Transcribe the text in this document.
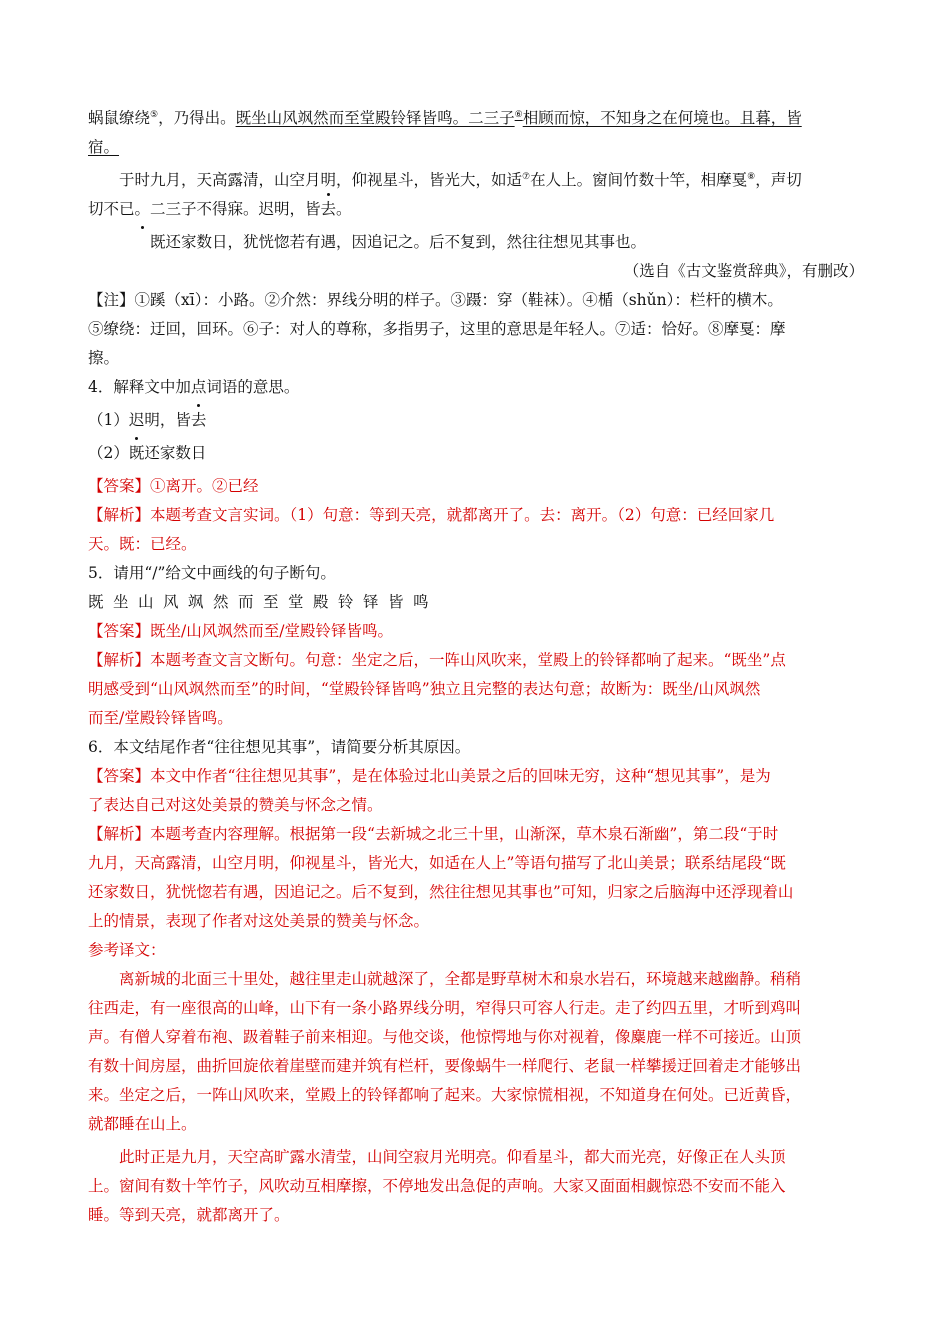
蜗鼠缭绕⑤，乃得出。既坐山风飒然而至堂殿铃铎皆鸣。二三子⑥相顾而惊，不知身之在何境也。且暮，皆
宿。
于时九月，天高露清，山空月明，仰视星斗，皆光大，如适⑦在人上。窗间竹数十竿，相摩戛⑧，声切
切不已。二三子不得寐。迟明，皆去。
既还家数日，犹恍惚若有遇，因追记之。后不复到，然往往想见其事也。
（选自《古文鉴赏辞典》，有删改）
【注】①蹊（xī）：小路。②介然：界线分明的样子。③蹑：穿（鞋袜）。④楯（shǔn）：栏杆的横木。
⑤缭绕：迂回，回环。⑥子：对人的尊称，多指男子，这里的意思是年轻人。⑦适：恰好。⑧摩戛：摩
擦。
4．解释文中加点词语的意思。
（1）迟明，皆去
（2）既还家数日
【答案】①离开。②已经
【解析】本题考查文言实词。（1）句意：等到天亮，就都离开了。去：离开。（2）句意：已经回家几
天。既：已经。
5．请用“/”给文中画线的句子断句。
既坐山风飒然而至堂殿铃铎皆鸣
【答案】既坐/山风飒然而至/堂殿铃铎皆鸣。
【解析】本题考查文言文断句。句意：坐定之后，一阵山风吹来，堂殿上的铃铎都响了起来。“既坐”点
明感受到“山风飒然而至”的时间，“堂殿铃铎皆鸣”独立且完整的表达句意；故断为：既坐/山风飒然
而至/堂殿铃铎皆鸣。
6．本文结尾作者“往往想见其事”，请简要分析其原因。
【答案】本文中作者“往往想见其事”，是在体验过北山美景之后的回味无穷，这种“想见其事”，是为
了表达自己对这处美景的赞美与怀念之情。
【解析】本题考查内容理解。根据第一段“去新城之北三十里，山渐深，草木泉石渐幽”，第二段“于时
九月，天高露清，山空月明，仰视星斗，皆光大，如适在人上”等语句描写了北山美景；联系结尾段“既
还家数日，犹恍惚若有遇，因追记之。后不复到，然往往想见其事也”可知，归家之后脑海中还浮现着山
上的情景，表现了作者对这处美景的赞美与怀念。
参考译文：
离新城的北面三十里处，越往里走山就越深了，全都是野草树木和泉水岩石，环境越来越幽静。稍稍
往西走，有一座很高的山峰，山下有一条小路界线分明，窄得只可容人行走。走了约四五里，才听到鸡叫
声。有僧人穿着布袍、趿着鞋子前来相迎。与他交谈，他惊愕地与你对视着，像麋鹿一样不可接近。山顶
有数十间房屋，曲折回旋依着崖壁而建并筑有栏杆，要像蜗牛一样爬行、老鼠一样攀援迂回着走才能够出
来。坐定之后，一阵山风吹来，堂殿上的铃铎都响了起来。大家惊慌相视，不知道身在何处。已近黄昏，
就都睡在山上。
此时正是九月，天空高旷露水清莹，山间空寂月光明亮。仰看星斗，都大而光亮，好像正在人头顶
上。窗间有数十竿竹子，风吹动互相摩擦，不停地发出急促的声响。大家又面面相觑惊恐不安而不能入
睡。等到天亮，就都离开了。
